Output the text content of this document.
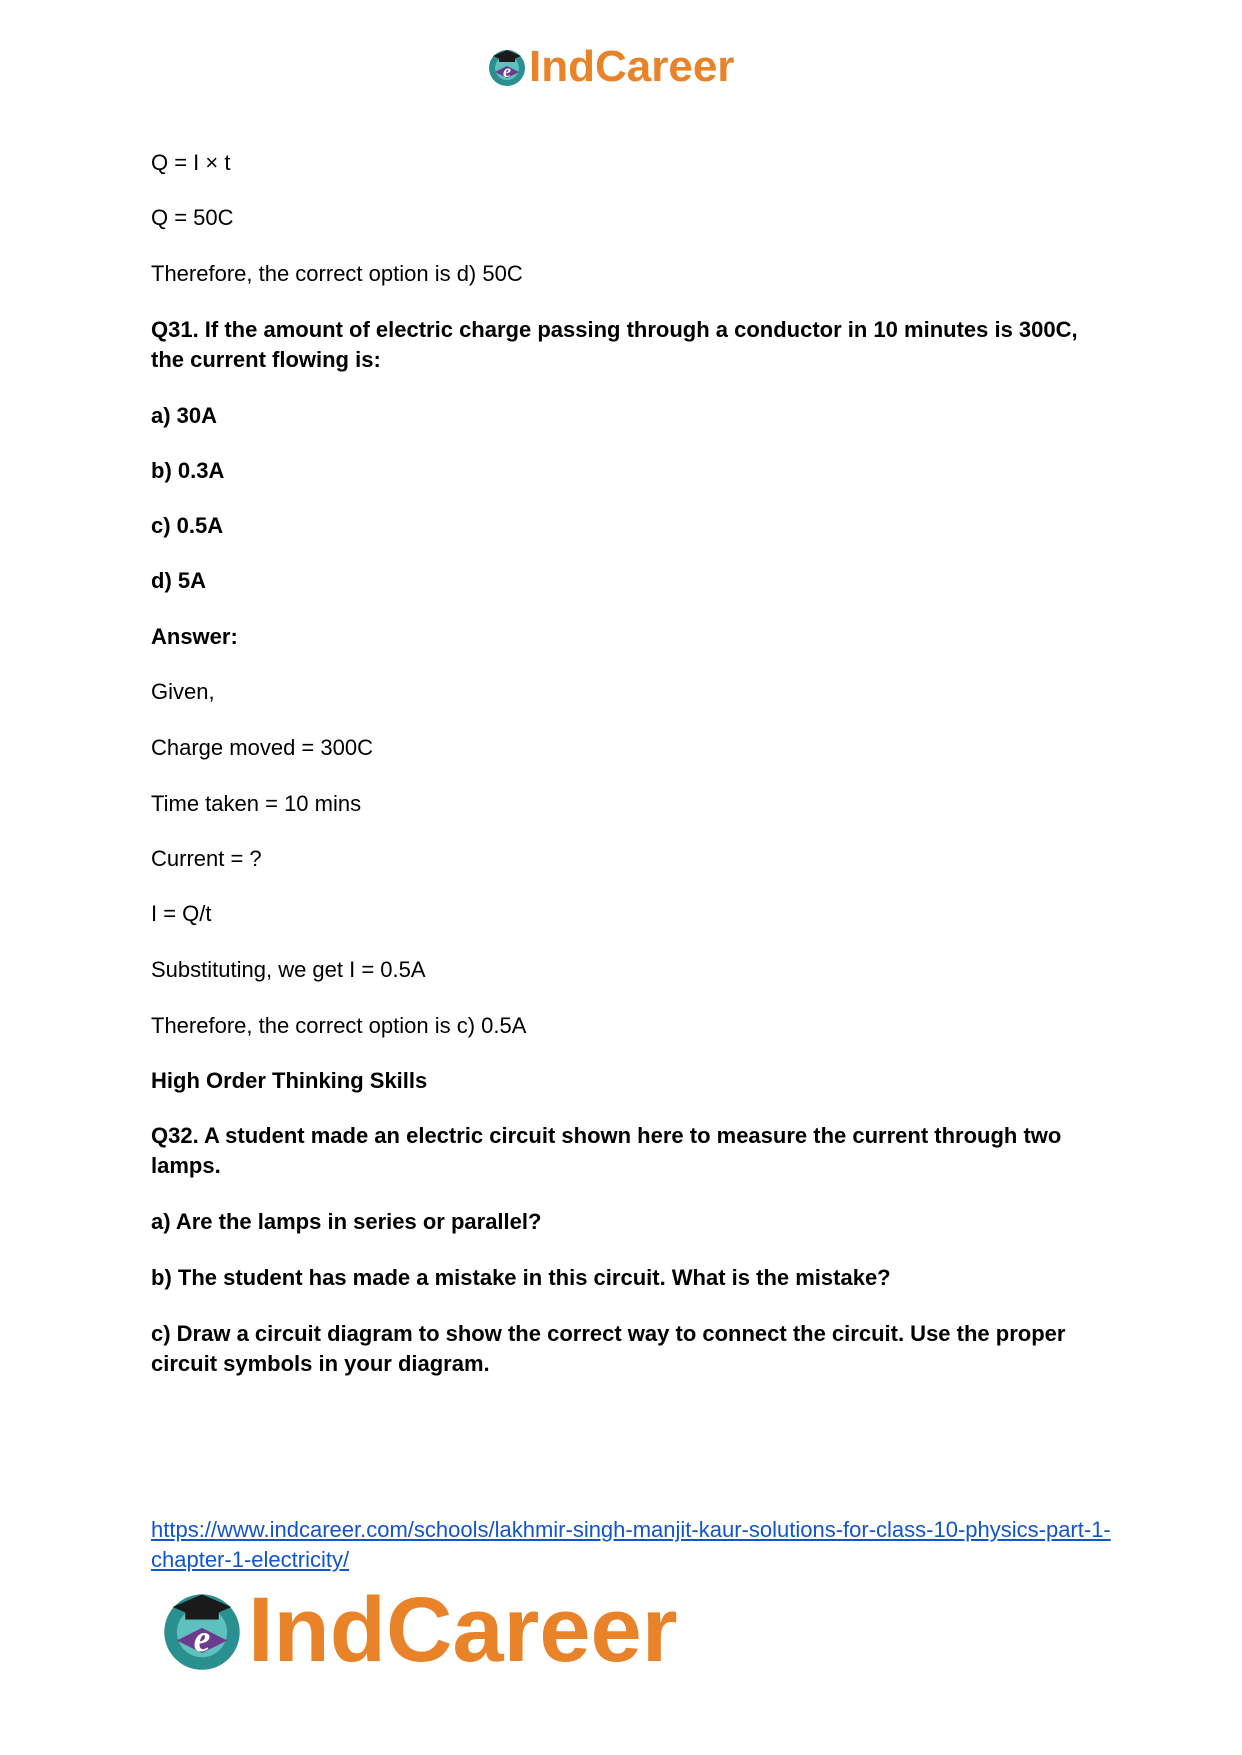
e IndCareer
Q = I × t
Q = 50C
Therefore, the correct option is d) 50C
Q31. If the amount of electric charge passing through a conductor in 10 minutes is 300C, the current flowing is:
a) 30A
b) 0.3A
c) 0.5A
d) 5A
Answer:
Given,
Charge moved = 300C
Time taken = 10 mins
Current = ?
I = Q/t
Substituting, we get I = 0.5A
Therefore, the correct option is c) 0.5A
High Order Thinking Skills
Q32. A student made an electric circuit shown here to measure the current through two lamps.
a) Are the lamps in series or parallel?
b) The student has made a mistake in this circuit. What is the mistake?
c) Draw a circuit diagram to show the correct way to connect the circuit. Use the proper circuit symbols in your diagram.
https://www.indcareer.com/schools/lakhmir-singh-manjit-kaur-solutions-for-class-10-physics-part-1-chapter-1-electricity/
e IndCareer
